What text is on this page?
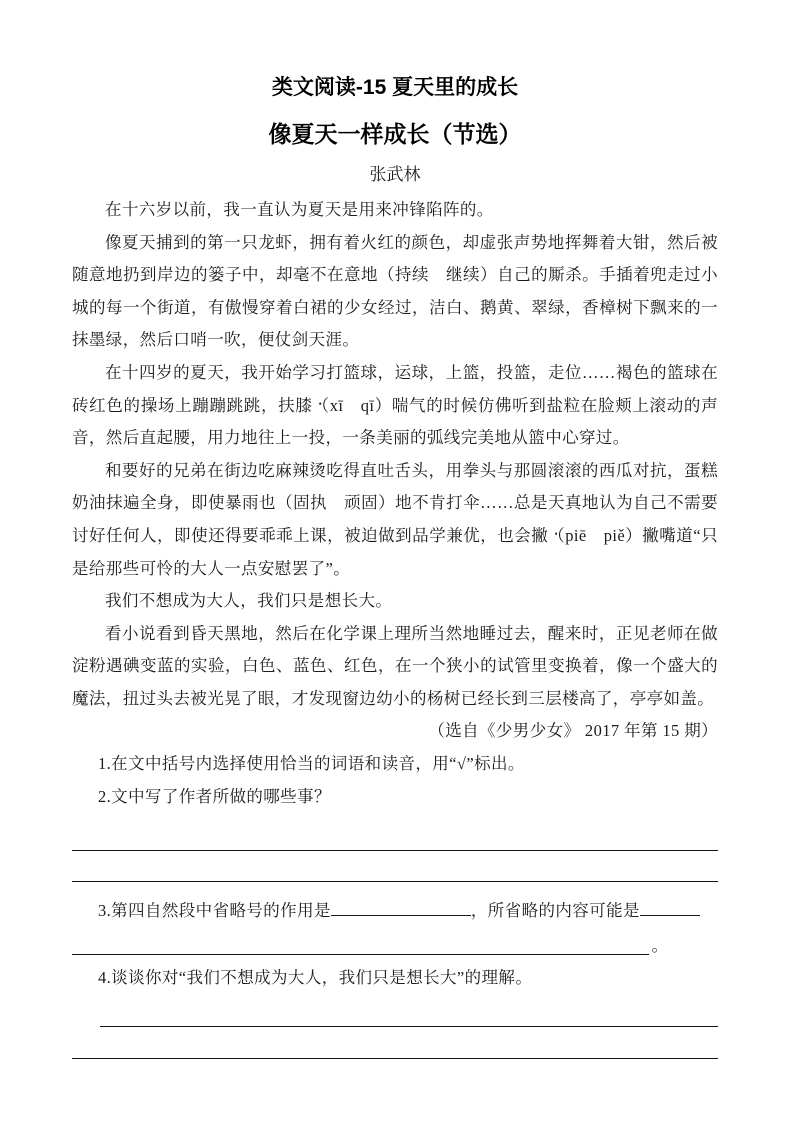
类文阅读-15 夏天里的成长
像夏天一样成长（节选）
张武林

在十六岁以前，我一直认为夏天是用来冲锋陷阵的。

像夏天捕到的第一只龙虾，拥有着火红的颜色，却虚张声势地挥舞着大钳，然后被随意地扔到岸边的篓子中，却毫不在意地（持续　继续）自己的厮杀。手插着兜走过小城的每一个街道，有傲慢穿着白裙的少女经过，洁白、鹅黄、翠绿，香樟树下飘来的一抹墨绿，然后口哨一吹，便仗剑天涯。

在十四岁的夏天，我开始学习打篮球，运球，上篮，投篮，走位……褐色的篮球在砖红色的操场上蹦蹦跳跳，扶膝 •（xī　qī）喘气的时候仿佛听到盐粒在脸颊上滚动的声音，然后直起腰，用力地往上一投，一条美丽的弧线完美地从篮中心穿过。

和要好的兄弟在街边吃麻辣烫吃得直吐舌头，用拳头与那圆滚滚的西瓜对抗，蛋糕奶油抹遍全身，即使暴雨也（固执　顽固）地不肯打伞……总是天真地认为自己不需要讨好任何人，即使还得要乖乖上课，被迫做到品学兼优，也会撇 •（piē　piě）撇嘴道“只是给那些可怜的大人一点安慰罢了”。

我们不想成为大人，我们只是想长大。

看小说看到昏天黑地，然后在化学课上理所当然地睡过去，醒来时，正见老师在做淀粉遇碘变蓝的实验，白色、蓝色、红色，在一个狭小的试管里变换着，像一个盛大的魔法，扭过头去被光晃了眼，才发现窗边幼小的杨树已经长到三层楼高了，亭亭如盖。

（选自《少男少女》 2017 年第 15 期）

1.在文中括号内选择使用恰当的词语和读音，用“√”标出。

2.文中写了作者所做的哪些事？

3.第四自然段中省略号的作用是	，所省略的内容可能是

。

4.谈谈你对“我们不想成为大人，我们只是想长大”的理解。
